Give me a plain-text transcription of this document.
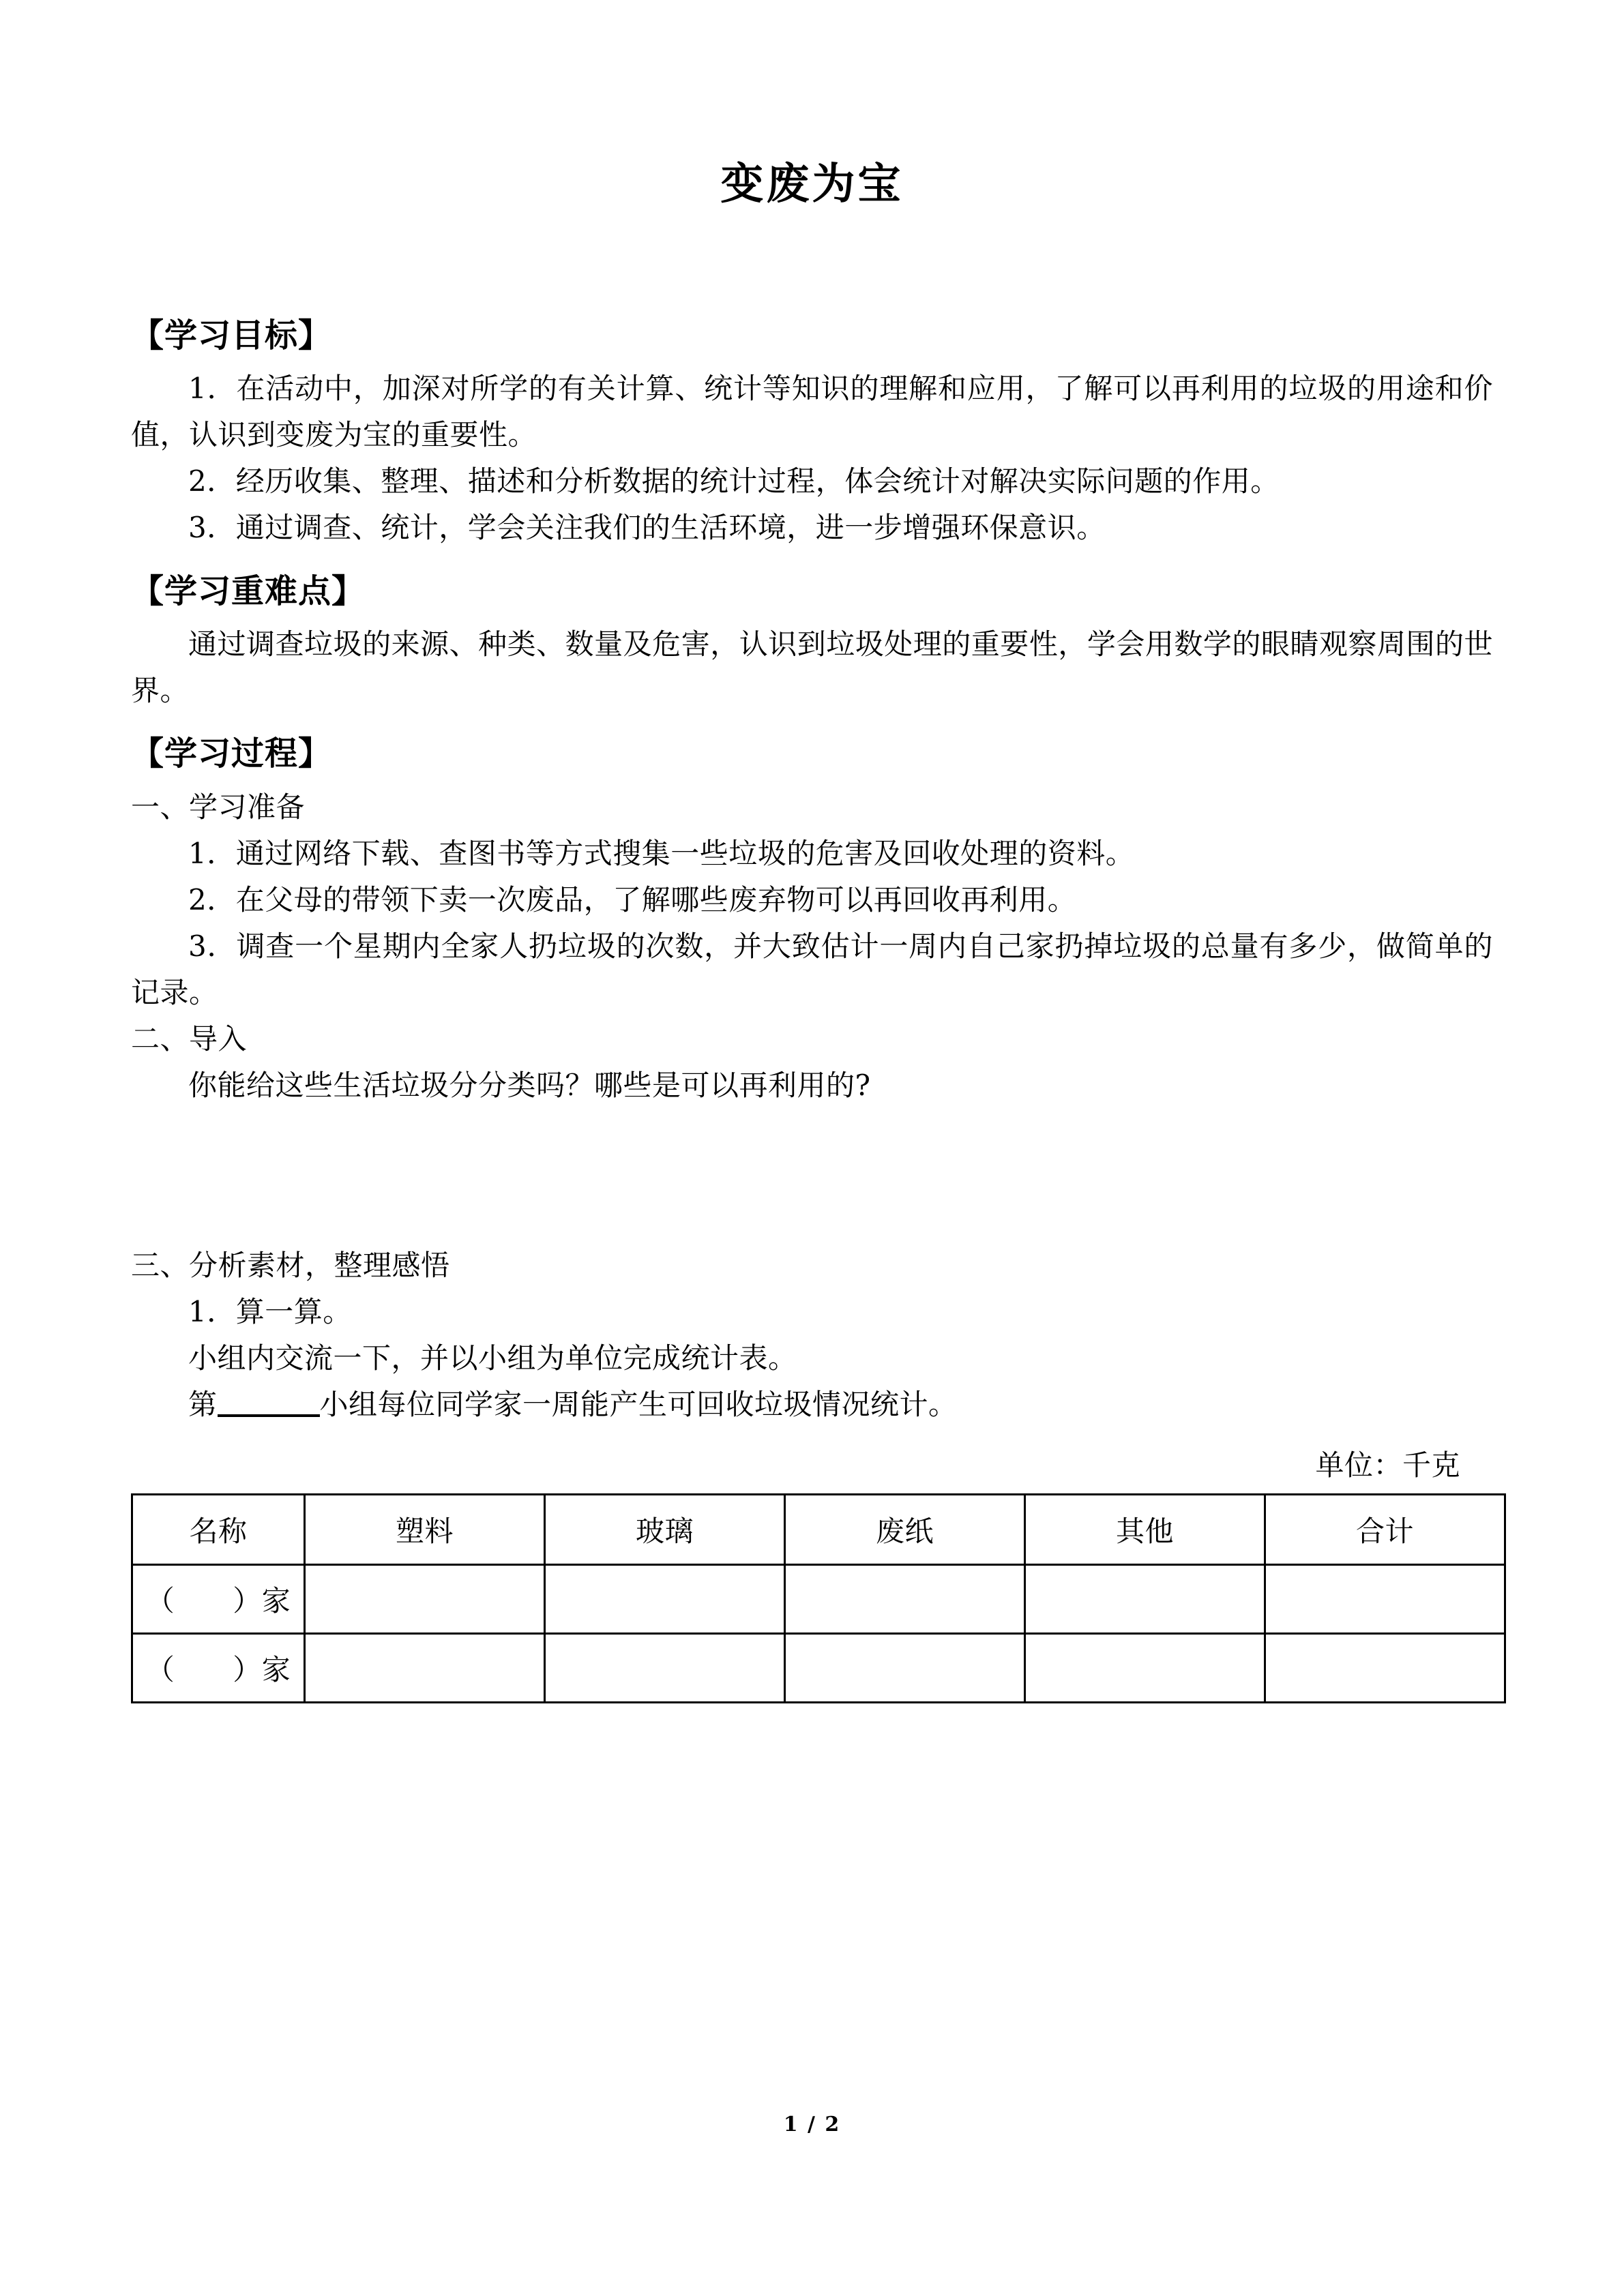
变废为宝
【学习目标】

1．在活动中，加深对所学的有关计算、统计等知识的理解和应用，了解可以再利用的垃圾的用途和价值，认识到变废为宝的重要性。

2．经历收集、整理、描述和分析数据的统计过程，体会统计对解决实际问题的作用。

3．通过调查、统计，学会关注我们的生活环境，进一步增强环保意识。

【学习重难点】

通过调查垃圾的来源、种类、数量及危害，认识到垃圾处理的重要性，学会用数学的眼睛观察周围的世界。

【学习过程】

一、学习准备

1．通过网络下载、查图书等方式搜集一些垃圾的危害及回收处理的资料。

2．在父母的带领下卖一次废品，了解哪些废弃物可以再回收再利用。

3．调查一个星期内全家人扔垃圾的次数，并大致估计一周内自己家扔掉垃圾的总量有多少，做简单的记录。

二、导入

你能给这些生活垃圾分分类吗？哪些是可以再利用的?

三、分析素材，整理感悟

1．算一算。

小组内交流一下，并以小组为单位完成统计表。

第	小组每位同学家一周能产生可回收垃圾情况统计。

单位：千克

名称	塑料	玻璃	废纸	其他	合计
（　　）家					
（　　）家					
1 / 2
